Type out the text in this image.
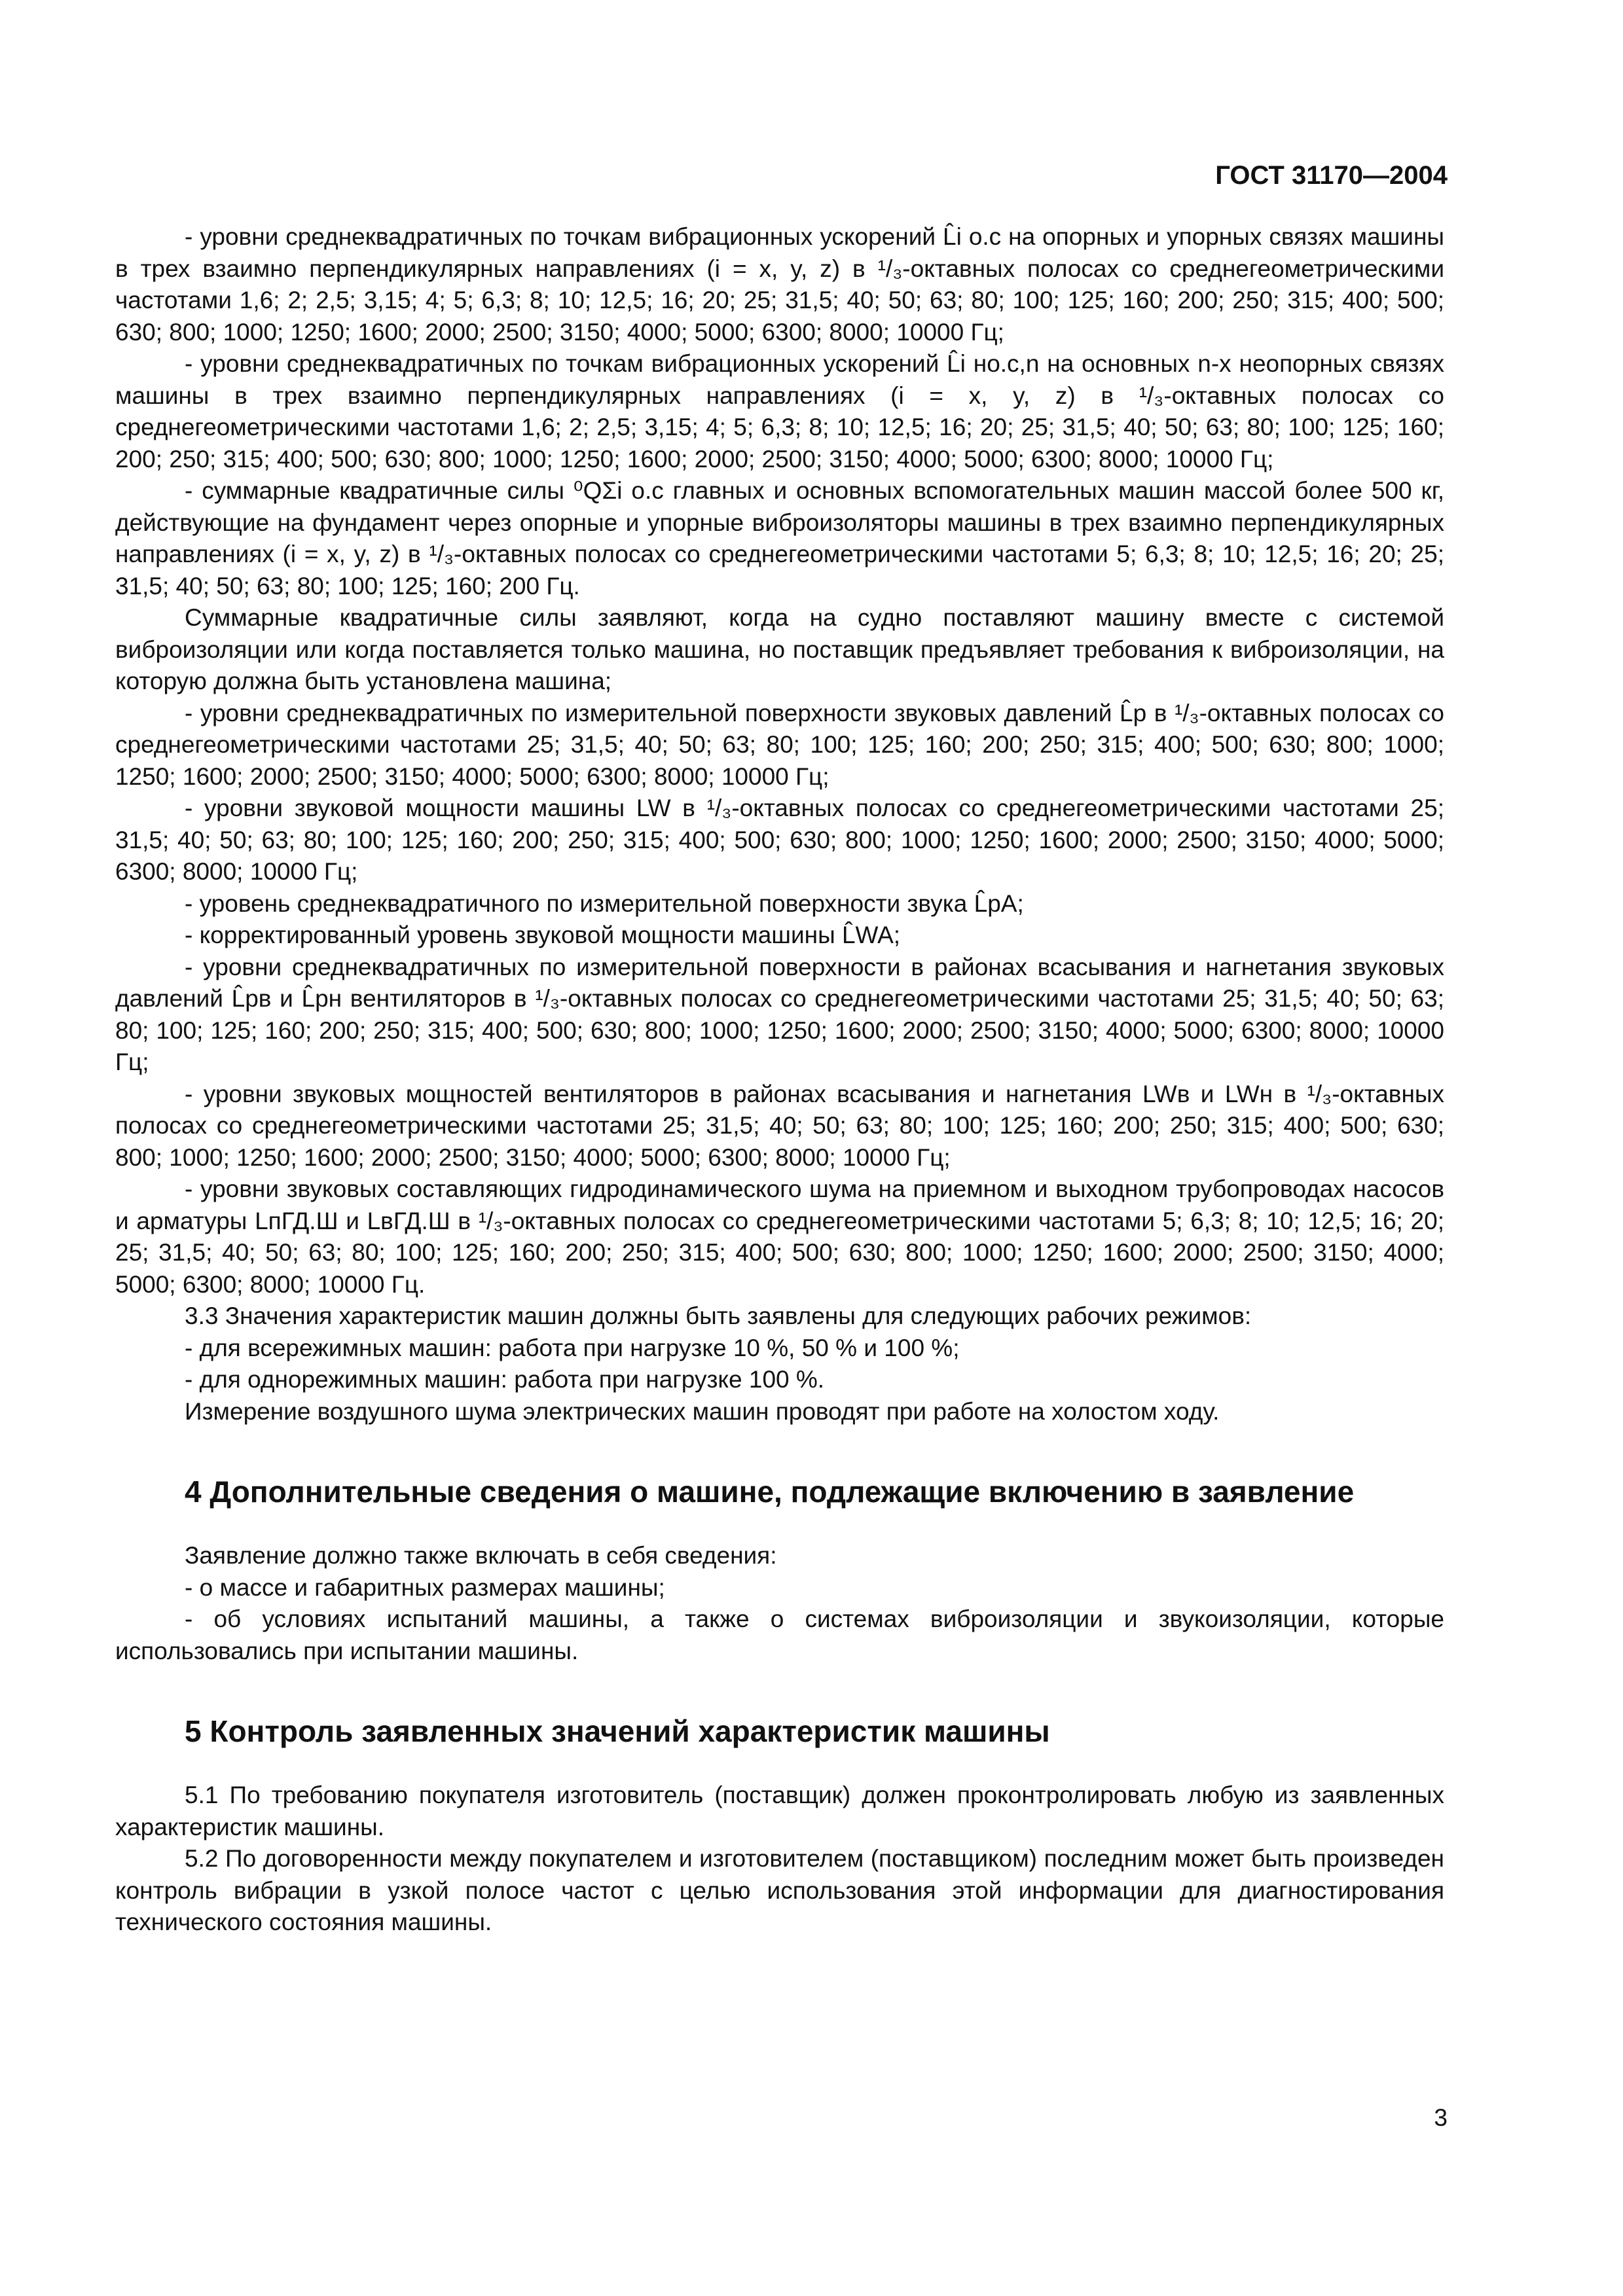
ГОСТ 31170—2004

- уровни среднеквадратичных по точкам вибрационных ускорений L̂i о.с на опорных и упорных связях машины в трех взаимно перпендикулярных направлениях (i = x, y, z) в ¹/₃-октавных полосах со среднегеометрическими частотами 1,6; 2; 2,5; 3,15; 4; 5; 6,3; 8; 10; 12,5; 16; 20; 25; 31,5; 40; 50; 63; 80; 100; 125; 160; 200; 250; 315; 400; 500; 630; 800; 1000; 1250; 1600; 2000; 2500; 3150; 4000; 5000; 6300; 8000; 10000 Гц;

- уровни среднеквадратичных по точкам вибрационных ускорений L̂i но.с,n на основных n-х неопорных связях машины в трех взаимно перпендикулярных направлениях (i = x, y, z) в ¹/₃-октавных полосах со среднегеометрическими частотами 1,6; 2; 2,5; 3,15; 4; 5; 6,3; 8; 10; 12,5; 16; 20; 25; 31,5; 40; 50; 63; 80; 100; 125; 160; 200; 250; 315; 400; 500; 630; 800; 1000; 1250; 1600; 2000; 2500; 3150; 4000; 5000; 6300; 8000; 10000 Гц;

- суммарные квадратичные силы ⁰QΣi о.с главных и основных вспомогательных машин массой более 500 кг, действующие на фундамент через опорные и упорные виброизоляторы машины в трех взаимно перпендикулярных направлениях (i = x, y, z) в ¹/₃-октавных полосах со среднегеометрическими частотами 5; 6,3; 8; 10; 12,5; 16; 20; 25; 31,5; 40; 50; 63; 80; 100; 125; 160; 200 Гц.

Суммарные квадратичные силы заявляют, когда на судно поставляют машину вместе с системой виброизоляции или когда поставляется только машина, но поставщик предъявляет требования к виброизоляции, на которую должна быть установлена машина;

- уровни среднеквадратичных по измерительной поверхности звуковых давлений L̂p в ¹/₃-октавных полосах со среднегеометрическими частотами 25; 31,5; 40; 50; 63; 80; 100; 125; 160; 200; 250; 315; 400; 500; 630; 800; 1000; 1250; 1600; 2000; 2500; 3150; 4000; 5000; 6300; 8000; 10000 Гц;

- уровни звуковой мощности машины LW в ¹/₃-октавных полосах со среднегеометрическими частотами 25; 31,5; 40; 50; 63; 80; 100; 125; 160; 200; 250; 315; 400; 500; 630; 800; 1000; 1250; 1600; 2000; 2500; 3150; 4000; 5000; 6300; 8000; 10000 Гц;

- уровень среднеквадратичного по измерительной поверхности звука L̂pA;

- корректированный уровень звуковой мощности машины L̂WA;

- уровни среднеквадратичных по измерительной поверхности в районах всасывания и нагнетания звуковых давлений L̂pв и L̂pн вентиляторов в ¹/₃-октавных полосах со среднегеометрическими частотами 25; 31,5; 40; 50; 63; 80; 100; 125; 160; 200; 250; 315; 400; 500; 630; 800; 1000; 1250; 1600; 2000; 2500; 3150; 4000; 5000; 6300; 8000; 10000 Гц;

- уровни звуковых мощностей вентиляторов в районах всасывания и нагнетания LWв и LWн в ¹/₃-октавных полосах со среднегеометрическими частотами 25; 31,5; 40; 50; 63; 80; 100; 125; 160; 200; 250; 315; 400; 500; 630; 800; 1000; 1250; 1600; 2000; 2500; 3150; 4000; 5000; 6300; 8000; 10000 Гц;

- уровни звуковых составляющих гидродинамического шума на приемном и выходном трубопроводах насосов и арматуры LпГД.Ш и LвГД.Ш в ¹/₃-октавных полосах со среднегеометрическими частотами 5; 6,3; 8; 10; 12,5; 16; 20; 25; 31,5; 40; 50; 63; 80; 100; 125; 160; 200; 250; 315; 400; 500; 630; 800; 1000; 1250; 1600; 2000; 2500; 3150; 4000; 5000; 6300; 8000; 10000 Гц.

3.3 Значения характеристик машин должны быть заявлены для следующих рабочих режимов:

- для всережимных машин: работа при нагрузке 10 %, 50 % и 100 %;

- для однорежимных машин: работа при нагрузке 100 %.

Измерение воздушного шума электрических машин проводят при работе на холостом ходу.

4 Дополнительные сведения о машине, подлежащие включению в заявление

Заявление должно также включать в себя сведения:

- о массе и габаритных размерах машины;

- об условиях испытаний машины, а также о системах виброизоляции и звукоизоляции, которые использовались при испытании машины.

5 Контроль заявленных значений характеристик машины

5.1 По требованию покупателя изготовитель (поставщик) должен проконтролировать любую из заявленных характеристик машины.

5.2 По договоренности между покупателем и изготовителем (поставщиком) последним может быть произведен контроль вибрации в узкой полосе частот с целью использования этой информации для диагностирования технического состояния машины.

3
